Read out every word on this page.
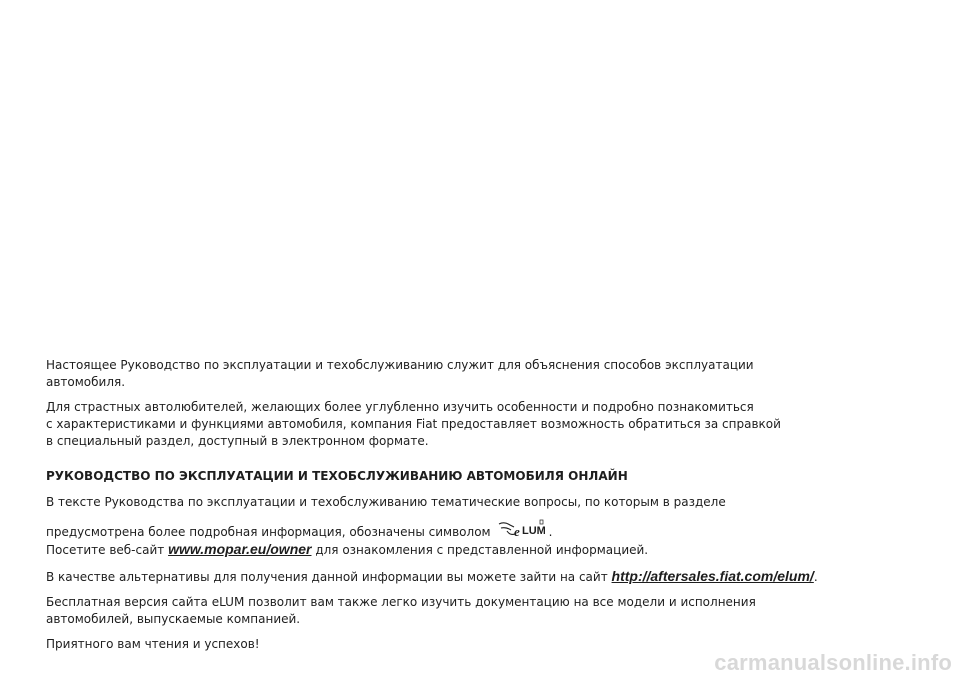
Настоящее Руководство по эксплуатации и техобслуживанию служит для объяснения способов эксплуатации
автомобиля.

Для страстных автолюбителей, желающих более углубленно изучить особенности и подробно познакомиться
с характеристиками и функциями автомобиля, компания Fiat предоставляет возможность обратиться за справкой
в специальный раздел, доступный в электронном формате.

РУКОВОДСТВО ПО ЭКСПЛУАТАЦИИ И ТЕХОБСЛУЖИВАНИЮ АВТОМОБИЛЯ ОНЛАЙН

В тексте Руководства по эксплуатации и техобслуживанию тематические вопросы, по которым в разделе
предусмотрена более подробная информация, обозначены символом e LUM .
Посетите веб-сайт www.mopar.eu/owner для ознакомления с представленной информацией.

В качестве альтернативы для получения данной информации вы можете зайти на сайт http://aftersales.fiat.com/elum/.

Бесплатная версия сайта eLUM позволит вам также легко изучить документацию на все модели и исполнения
автомобилей, выпускаемые компанией.

Приятного вам чтения и успехов!

carmanualsonline.info
